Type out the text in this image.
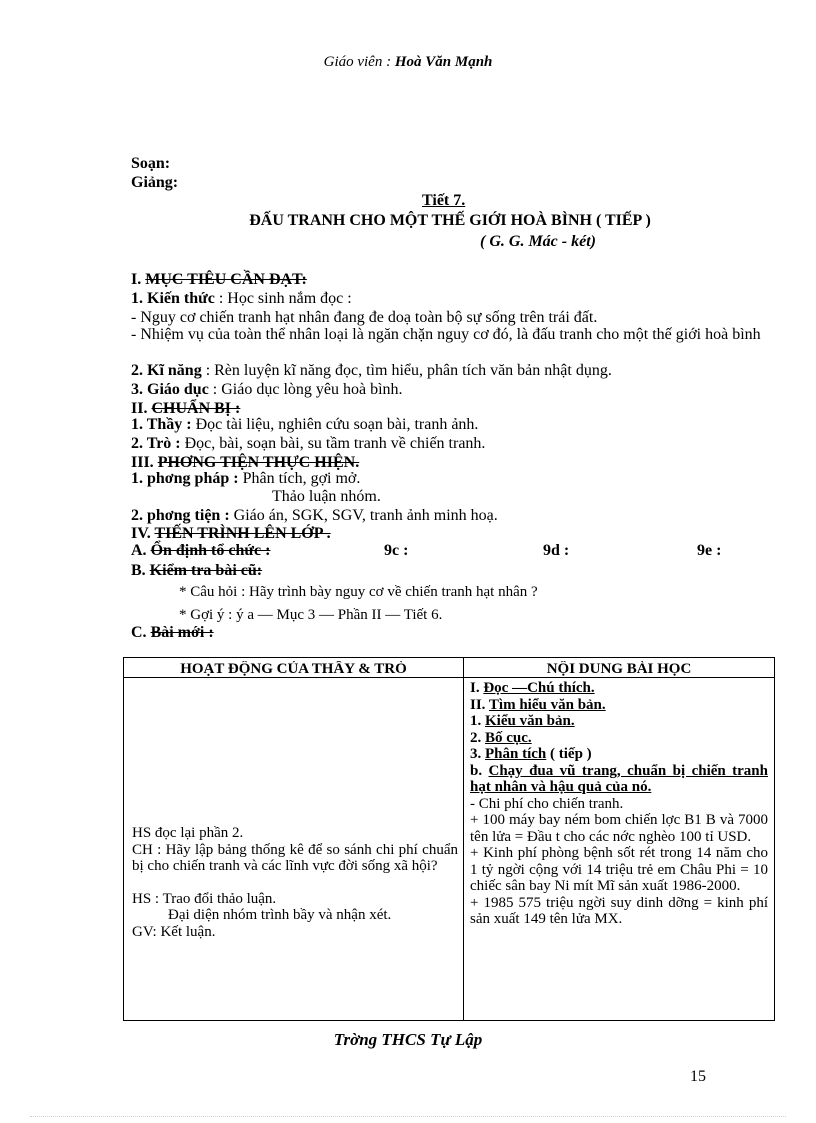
Giáo viên : Hoà Văn Mạnh
Soạn:
Giảng:
Tiết 7.
ĐẤU TRANH CHO MỘT THẾ GIỚI HOÀ BÌNH ( TIẾP )
( G. G. Mác - két)
I. MỤC TIÊU CẦN ĐẠT:
1. Kiến thức : Học sinh nắm đọc :
- Nguy cơ chiến tranh hạt nhân đang đe doạ toàn bộ sự sống trên trái đất.
- Nhiệm vụ của toàn thể nhân loại là ngăn chặn nguy cơ đó, là đấu tranh cho một thế giới hoà bình
2. Kĩ năng : Rèn luyện kĩ năng đọc, tìm hiểu, phân tích văn bản nhật dụng.
3. Giáo dục : Giáo dục lòng yêu hoà bình.
II. CHUẨN BỊ :
1. Thầy : Đọc tài liệu, nghiên cứu soạn bài, tranh ảnh.
2. Trò : Đọc, bài, soạn bài, su tầm tranh về chiến tranh.
III. PHƠNG TIỆN THỰC HIỆN.
1. phơng pháp : Phân tích, gợi mở.
Thảo luận nhóm.
2. phơng tiện : Giáo án, SGK, SGV, tranh ảnh minh hoạ.
IV. TIẾN TRÌNH LÊN LỚP .
A. Ổn định tổ chức :	9c :	9d :	9e :
B. Kiểm tra bài cũ:
* Câu hỏi : Hãy trình bày nguy cơ về chiến tranh hạt nhân ?
* Gợi ý : ý a — Mục 3 — Phần II — Tiết 6.
C. Bài mới :
HOẠT ĐỘNG CỦA THẦY & TRÒ	NỘI DUNG BÀI HỌC
HS đọc lại phần 2.
CH : Hãy lập bảng thống kê để so sánh chi phí chuẩn bị cho chiến tranh và các lĩnh vực đời sống xã hội?
HS : Trao đổi thảo luận.
Đại diện nhóm trình bầy và nhận xét.
GV: Kết luận.
I. Đọc —Chú thích.
II. Tìm hiểu văn bản.
1. Kiểu văn bản.
2. Bố cục.
3. Phân tích ( tiếp )
b. Chạy đua vũ trang, chuẩn bị chiến tranh hạt nhân và hậu quả của nó.
- Chi phí cho chiến tranh.
+ 100 máy bay ném bom chiến lợc B1 B và 7000 tên lửa = Đầu t cho các nớc nghèo 100 tỉ USD.
+ Kinh phí phòng bệnh sốt rét trong 14 năm cho 1 tỷ ngời cộng với 14 triệu trẻ em Châu Phi = 10 chiếc sân bay Ni mít Mĩ sản xuất 1986-2000.
+ 1985 575 triệu ngời suy dinh dỡng = kinh phí sản xuất 149 tên lửa MX.
Trờng THCS Tự Lập
15
